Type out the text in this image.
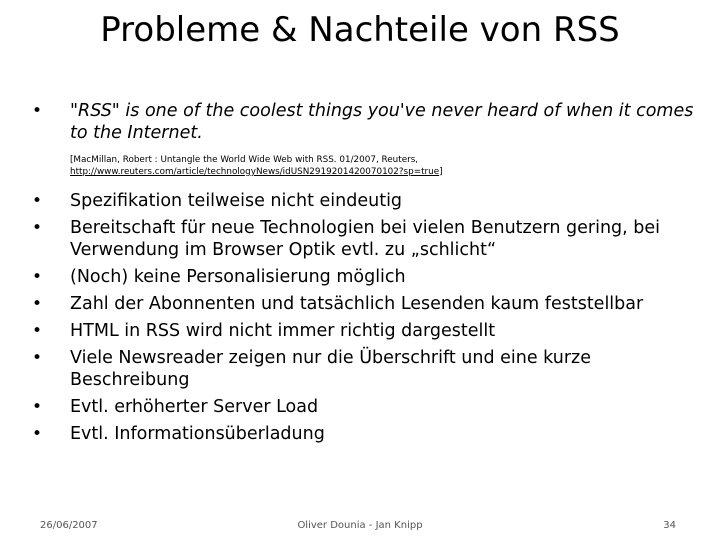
Probleme & Nachteile von RSS
• "RSS" is one of the coolest things you've never heard of when it comes to the Internet.
[MacMillan, Robert : Untangle the World Wide Web with RSS. 01/2007, Reuters,
http://www.reuters.com/article/technologyNews/idUSN2919201420070102?sp=true]
• Spezifikation teilweise nicht eindeutig
• Bereitschaft für neue Technologien bei vielen Benutzern gering, bei Verwendung im Browser Optik evtl. zu „schlicht“
• (Noch) keine Personalisierung möglich
• Zahl der Abonnenten und tatsächlich Lesenden kaum feststellbar
• HTML in RSS wird nicht immer richtig dargestellt
• Viele Newsreader zeigen nur die Überschrift und eine kurze Beschreibung
• Evtl. erhöherter Server Load
• Evtl. Informationsüberladung
26/06/2007	Oliver Dounia - Jan Knipp	34
